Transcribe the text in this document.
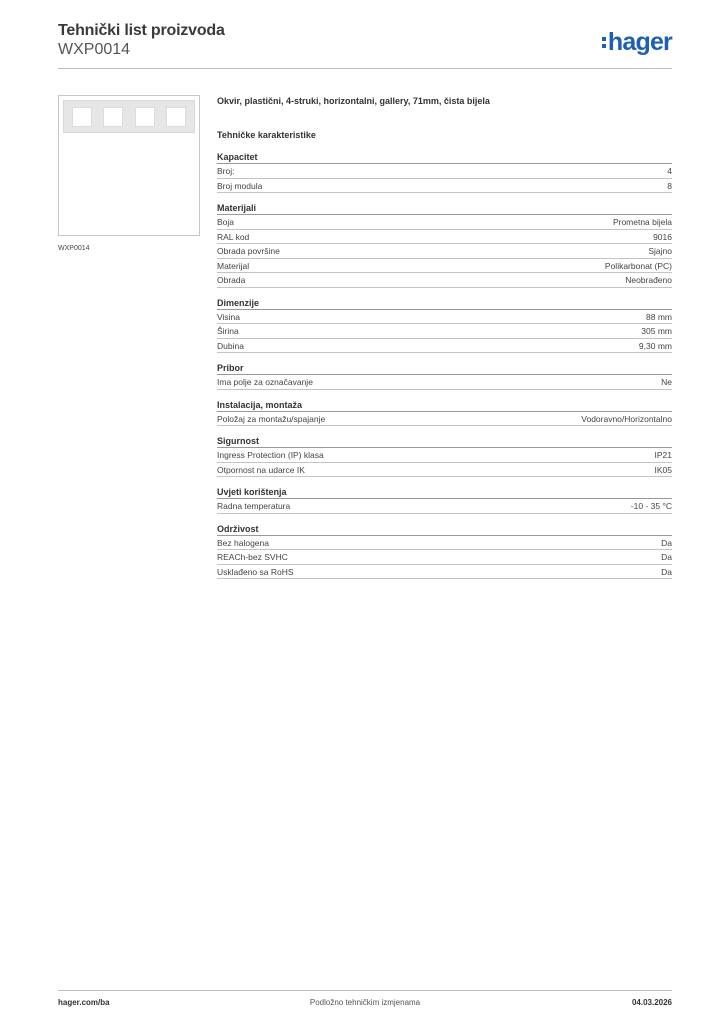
Tehnički list proizvoda
WXP0014	hager
WXP0014
Okvir, plastični, 4-struki, horizontalni, gallery, 71mm, čista bijela
Tehničke karakteristike
Kapacitet
Broj:	4
Broj modula	8
Materijali
Boja	Prometna bijela
RAL kod	9016
Obrada površine	Sjajno
Materijal	Polikarbonat (PC)
Obrada	Neobrađeno
Dimenzije
Visina	88 mm
Širina	305 mm
Dubina	9,30 mm
Pribor
Ima polje za označavanje	Ne
Instalacija, montaža
Položaj za montažu/spajanje	Vodoravno/Horizontalno
Sigurnost
Ingress Protection (IP) klasa	IP21
Otpornost na udarce IK	IK05
Uvjeti korištenja
Radna temperatura	-10 - 35 °C
Održivost
Bez halogena	Da
REACh-bez SVHC	Da
Usklađeno sa RoHS	Da
hager.com/ba	Podložno tehničkim izmjenama	04.03.2026
